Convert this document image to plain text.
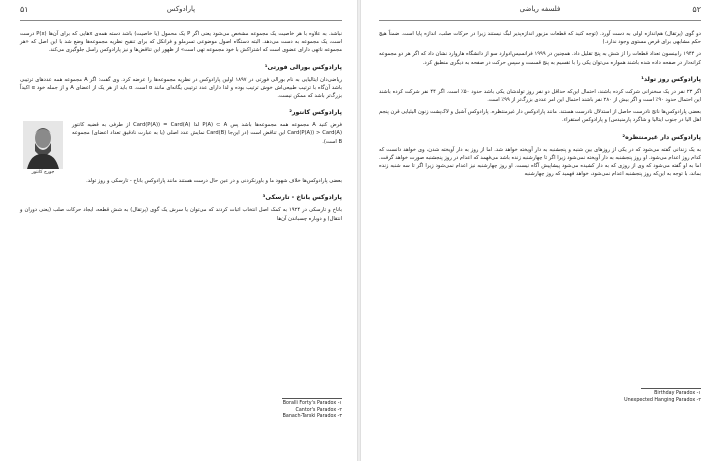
۵۱	پارادوکس

نباشد. به علاوه با هر خاصیت یک مجموعه مشخص می‌شود یعنی اگر P یک محمول (یا خاصیت) باشد دسته همه‌ی xهایی که برای آن‌ها P(x) درست است، یک مجموعه به دست می‌دهد. البته دستگاه اصول موضوعی تسرملو و فرانکل که برای تنقیح نظریه مجموعه‌ها وضع شد با این اصل که «هر مجموعه ناتهی دارای عضوی است که اشتراکش با خود مجموعه تهی است» از ظهور این تناقض‌ها و نیز پارادوکس راسل جلوگیری می‌کند.

پارادوکس بورالی فورتی¹

ریاضی‌دان ایتالیایی به نام بورالی فورتی در ۱۸۹۷ اولین پارادوکس در نظریه مجموعه‌ها را عرضه کرد. وی گفت: اگر A مجموعه همه عددهای ترتیبی باشد آن‌گاه با ترتیب طبیعی‌اش خوش ترتیب بوده و لذا دارای عدد ترتیبی یگانه‌ای مانند α است. α باید از هر یک از اعضای A و از جمله خود α اکیداً بزرگ‌تر باشد که ممکن نیست.

پارادوکس کانتور²
جورج کانتور

فرض کنید A مجموعه همه مجموعه‌ها باشد پس P(A) ⊂ A لذا Card(P(A)) = Card(A) از طرفی به قضیه کانتور Card(P(A)) > Card(A) این تناقض است (در این‌جا Card(B) نمایش عدد اصلی (یا به عبارت نادقیق تعداد اعضای) مجموعه B است).

بعضی پارادوکس‌ها خلاف شهود ما و باورنکردنی و در عین حال درست هستند مانند پارادوکس باناخ - تارسکی و روز تولد.

پارادوکس باناخ - تارسکی³

باناخ و تارسکی در ۱۹۲۴ به کمک اصل انتخاب اثبات کردند که می‌توان یا سرش یک گوی (پرتقال) به شش قطعه، ایجاد حرکات صلب (یعنی دوران و انتقال) و دوباره چسباندن آن‌ها

Boralli Forty's Paradox -۱
Cantor's Paradox -۲
Banach-Tarski Paradox -۳
فلسفه ریاضی	۵۲

دو گوی (پرتقال) هم‌اندازه اولی به دست آورد. (توجه کنید که قطعات مزبور اندازه‌پذیر لبگ نیستند زیرا در حرکات صلب، اندازه پایا است. ضمناً هیچ حکم مشابهی برای قرص مستوی وجود ندارد.)

در ۱۹۴۴ رابینسون تعداد قطعات را از شش به پنج تقلیل داد. همچنین در ۱۹۹۹ فرانسیس‌ادوارد سو از دانشگاه هاروارد نشان داد که اگر هر دو مجموعه کرانه‌دار در صفحه داده شده باشند همواره می‌توان یکی را با تقسیم به پنج قسمت و سپس حرکت در صفحه به دیگری منطبق کرد.

پارادوکس روز تولد¹

اگر ۲۳ نفر در یک سخنرانی شرکت کرده باشند، احتمال این‌که حداقل دو نفر روز تولدشان یکی باشد حدود ۵۰٪ است. اگر ۴۴ نفر شرکت کرده باشند این احتمال حدود ۹۰٪ است و اگر بیش از ۲۸۰ نفر باشند احتمال این امر عددی بزرگ‌تر از ۹۹٪ است.

بعضی پارادوکس‌ها ناتج نادرست حاصل از استدلال نادرست هستند. مانند پارادوکس دار غیرمنتظره. پارادوکس آشیل و لاک‌پشت زنون الیئیایی قرن پنجم اهل الیا در جنوب ایتالیا و شاگرد پارمنیدس) و پارادوکس استقراء.

پارادوکس دار غیرمنتظره²

به یک زندانی گفته می‌شود که در یکی از روزهای بین شنبه و پنجشنبه به دار آویخته خواهد شد. اما از روز به دار آویخته شدن، وی خواهد دانست که کدام روز اعدام می‌شود. او روز پنجشنبه به دار آویخته نمی‌شود زیرا اگر تا چهارشنبه زنده باشد می‌فهمد که اعدام در روز پنجشنبه صورت خواهد گرفت. اما به او گفته می‌شود که وی از روزی که به دار کشیده می‌شود پیشاپیش آگاه نیست. او روز چهارشنبه نیز اعدام نمی‌شود زیرا اگر تا سه شنبه زنده بماند، با توجه به این‌که روز پنجشنبه اعدام نمی‌شود، خواهد فهمید که روز چهارشنبه

Birthday Paradox -۱
Unexpected Hanging Paradox -۲
